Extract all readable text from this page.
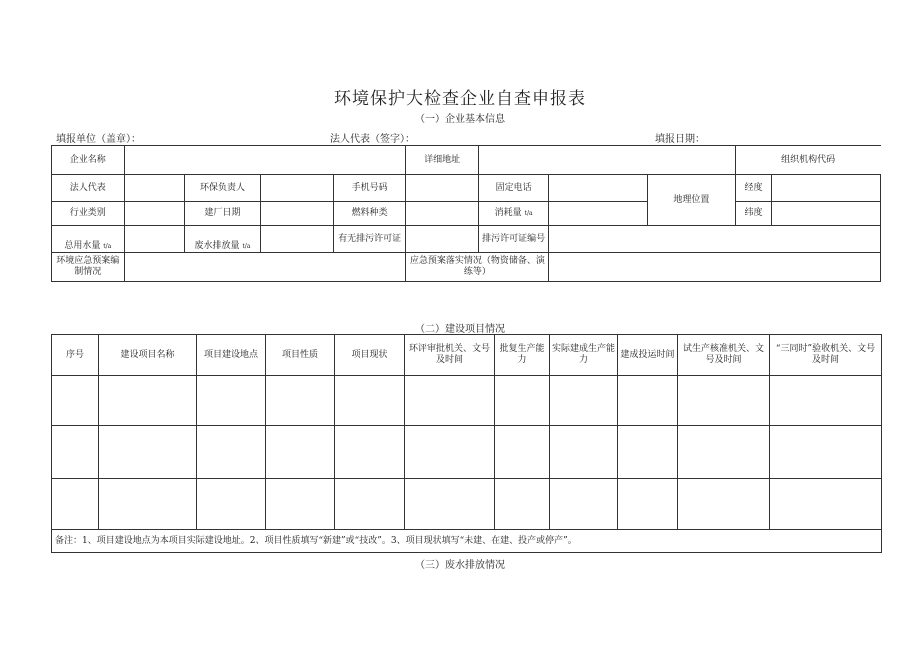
环境保护大检查企业自查申报表
（一）企业基本信息
填报单位（盖章）：	法人代表（签字）：	填报日期：
企业名称					详细地址				组织机构代码	
法人代表		环保负责人		手机号码		固定电话		地理位置	经度	
行业类别		建厂日期		燃料种类		消耗量 t/a			纬度	
总用水量 t/a		废水排放量 t/a		有无排污许可证		排污许可证编号				
环境应急预案编制情况					应急预案落实情况（物资储备、演练等）					
（二）建设项目情况
序号	建设项目名称	项目建设地点	项目性质	项目现状	环评审批机关、文号及时间	批复生产能力	实际建成生产能力	建成投运时间	试生产核准机关、文号及时间	“三同时”验收机关、文号及时间

备注：1、项目建设地点为本项目实际建设地址。2、项目性质填写“新建”或“技改”。3、项目现状填写“未建、在建、投产或停产”。										
（三）废水排放情况
